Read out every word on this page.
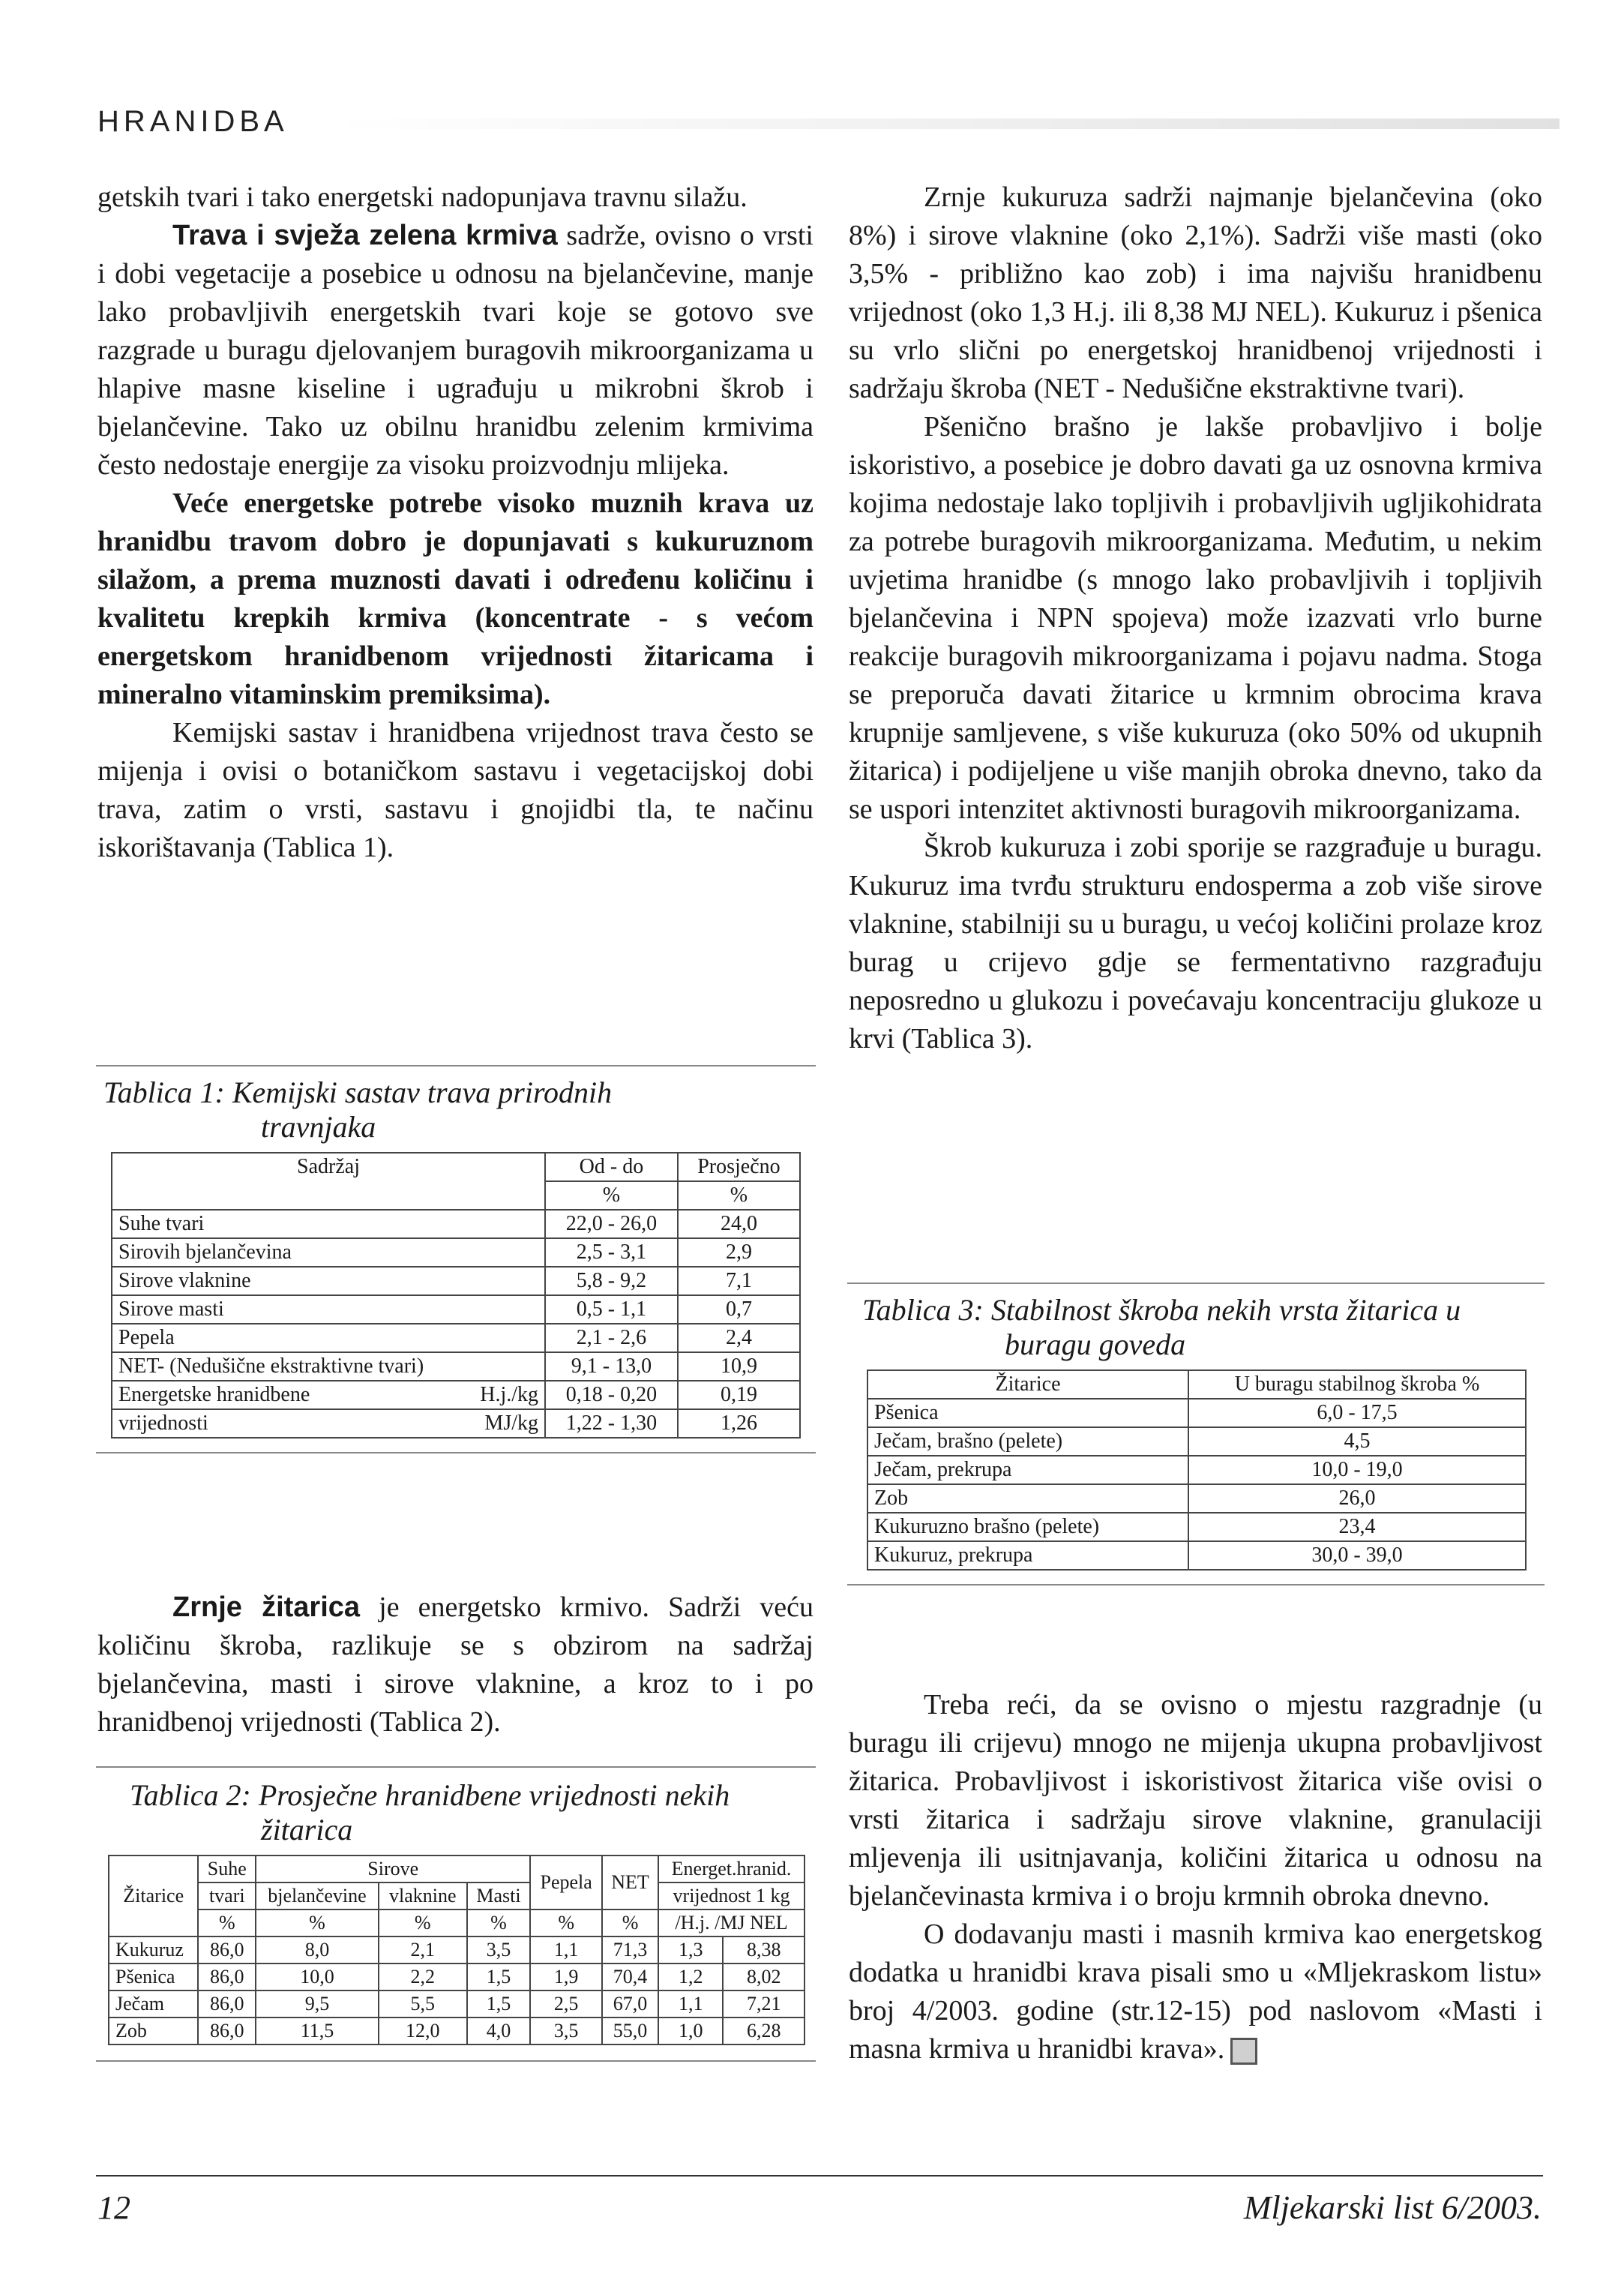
HRANIDBA

getskih tvari i tako energetski nadopunjava travnu silažu.

Trava i svježa zelena krmiva sadrže, ovisno o vrsti i dobi vegetacije a posebice u odnosu na bjelančevine, manje lako probavljivih energetskih tvari koje se gotovo sve razgrade u buragu djelovanjem buragovih mikroorganizama u hlapive masne kiseline i ugrađuju u mikrobni škrob i bjelančevine. Tako uz obilnu hranidbu zelenim krmivima često nedostaje energije za visoku proizvodnju mlijeka.

Veće energetske potrebe visoko muznih krava uz hranidbu travom dobro je dopunjavati s kukuruznom silažom, a prema muznosti davati i određenu količinu i kvalitetu krepkih krmiva (koncentrate - s većom energetskom hranidbenom vrijednosti žitaricama i mineralno vitaminskim premiksima).

Kemijski sastav i hranidbena vrijednost trava često se mijenja i ovisi o botaničkom sastavu i vegetacijskoj dobi trava, zatim o vrsti, sastavu i gnojidbi tla, te načinu iskorištavanja (Tablica 1).

Tablica 1: Kemijski sastav trava prirodnih
travnjaka
Sadržaj	Od - do	Prosječno
	%	%
Suhe tvari	22,0 - 26,0	24,0
Sirovih bjelančevina	2,5 - 3,1	2,9
Sirove vlaknine	5,8 - 9,2	7,1
Sirove masti	0,5 - 1,1	0,7
Pepela	2,1 - 2,6	2,4
NET- (Nedušične ekstraktivne tvari)	9,1 - 13,0	10,9

Energetske hranidbene H.j./kg	0,18 - 0,20	0,19

vrijednosti MJ/kg	1,22 - 1,30	1,26

Zrnje žitarica je energetsko krmivo. Sadrži veću količinu škroba, razlikuje se s obzirom na sadržaj bjelančevina, masti i sirove vlaknine, a kroz to i po hranidbenoj vrijednosti (Tablica 2).

Tablica 2: Prosječne hranidbene vrijednosti nekih
žitarica
Žitarice	Suhe	Sirove			Pepela	NET	Energet.hranid.	
	tvari	bjelančevine	vlaknine	Masti			vrijednost 1 kg	
	%	%	%	%	%	%	/H.j. /MJ NEL	
Kukuruz	86,0	8,0	2,1	3,5	1,1	71,3	1,3	8,38
Pšenica	86,0	10,0	2,2	1,5	1,9	70,4	1,2	8,02
Ječam	86,0	9,5	5,5	1,5	2,5	67,0	1,1	7,21
Zob	86,0	11,5	12,0	4,0	3,5	55,0	1,0	6,28

Zrnje kukuruza sadrži najmanje bjelančevina (oko 8%) i sirove vlaknine (oko 2,1%). Sadrži više masti (oko 3,5% - približno kao zob) i ima najvišu hranidbenu vrijednost (oko 1,3 H.j. ili 8,38 MJ NEL). Kukuruz i pšenica su vrlo slični po energetskoj hranidbenoj vrijednosti i sadržaju škroba (NET - Nedušične ekstraktivne tvari).

Pšenično brašno je lakše probavljivo i bolje iskoristivo, a posebice je dobro davati ga uz osnovna krmiva kojima nedostaje lako topljivih i probavljivih ugljikohidrata za potrebe buragovih mikroorganizama. Međutim, u nekim uvjetima hranidbe (s mnogo lako probavljivih i topljivih bjelančevina i NPN spojeva) može izazvati vrlo burne reakcije buragovih mikroorganizama i pojavu nadma. Stoga se preporuča davati žitarice u krmnim obrocima krava krupnije samljevene, s više kukuruza (oko 50% od ukupnih žitarica) i podijeljene u više manjih obroka dnevno, tako da se uspori intenzitet aktivnosti buragovih mikroorganizama.

Škrob kukuruza i zobi sporije se razgrađuje u buragu. Kukuruz ima tvrđu strukturu endosperma a zob više sirove vlaknine, stabilniji su u buragu, u većoj količini prolaze kroz burag u crijevo gdje se fermentativno razgrađuju neposredno u glukozu i povećavaju koncentraciju glukoze u krvi (Tablica 3).

Tablica 3: Stabilnost škroba nekih vrsta žitarica u
buragu goveda
Žitarice	U buragu stabilnog škroba %
Pšenica	6,0 - 17,5
Ječam, brašno (pelete)	4,5
Ječam, prekrupa	10,0 - 19,0
Zob	26,0
Kukuruzno brašno (pelete)	23,4
Kukuruz, prekrupa	30,0 - 39,0

Treba reći, da se ovisno o mjestu razgradnje (u buragu ili crijevu) mnogo ne mijenja ukupna probavljivost žitarica. Probavljivost i iskoristivost žitarica više ovisi o vrsti žitarica i sadržaju sirove vlaknine, granulaciji mljevenja ili usitnjavanja, količini žitarica u odnosu na bjelančevinasta krmiva i o broju krmnih obroka dnevno.

O dodavanju masti i masnih krmiva kao energetskog dodatka u hranidbi krava pisali smo u «Mljekraskom listu» broj 4/2003. godine (str.12-15) pod naslovom «Masti i masna krmiva u hranidbi krava».

12	Mljekarski list 6/2003.
